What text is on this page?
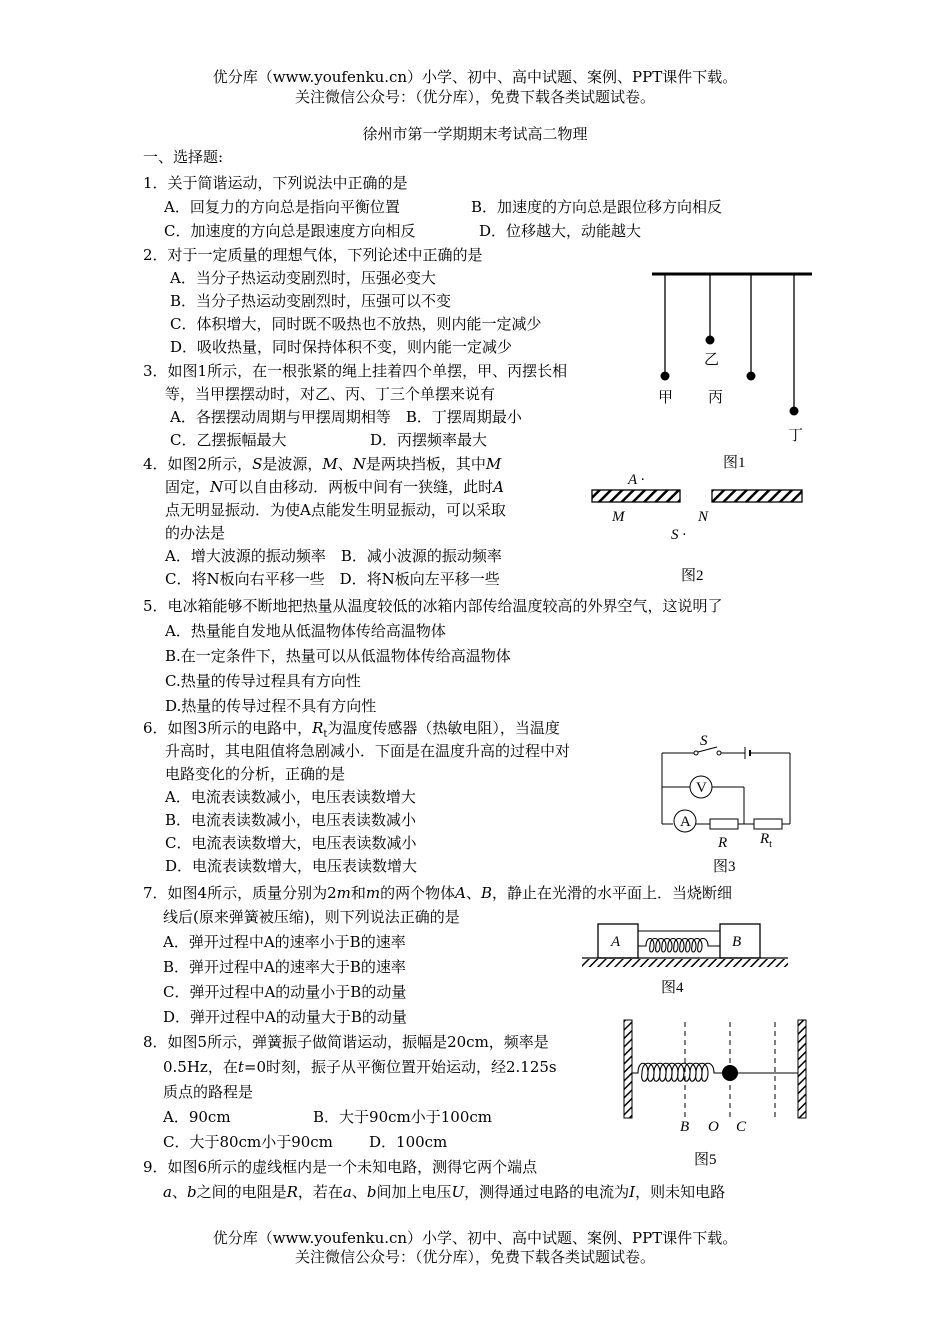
优分库（www.youfenku.cn）小学、初中、高中试题、案例、PPT课件下载。
关注微信公众号：（优分库），免费下载各类试题试卷。
徐州市第一学期期末考试高二物理
一、选择题:
1．关于简谐运动，下列说法中正确的是
A．回复力的方向总是指向平衡位置	B．加速度的方向总是跟位移方向相反
C．加速度的方向总是跟速度方向相反	D．位移越大，动能越大
2．对于一定质量的理想气体，下列论述中正确的是
A．当分子热运动变剧烈时，压强必变大
B．当分子热运动变剧烈时，压强可以不变
C．体积增大，同时既不吸热也不放热，则内能一定减少
D．吸收热量，同时保持体积不变，则内能一定减少
3．如图1所示，在一根张紧的绳上挂着四个单摆，甲、丙摆长相
等，当甲摆摆动时，对乙、丙、丁三个单摆来说有
A．各摆摆动周期与甲摆周期相等　B．丁摆周期最小
C．乙摆振幅最大	D．丙摆频率最大
4．如图2所示，S是波源，M、N是两块挡板，其中M
固定，N可以自由移动．两板中间有一狭缝，此时A
点无明显振动．为使A点能发生明显振动，可以采取
的办法是
A．增大波源的振动频率　B．减小波源的振动频率
C．将N板向右平移一些　D．将N板向左平移一些
5．电冰箱能够不断地把热量从温度较低的冰箱内部传给温度较高的外界空气，这说明了
A．热量能自发地从低温物体传给高温物体
B.在一定条件下，热量可以从低温物体传给高温物体
C.热量的传导过程具有方向性
D.热量的传导过程不具有方向性
6．如图3所示的电路中，$R_t$为温度传感器（热敏电阻），当温度
升高时，其电阻值将急剧减小．下面是在温度升高的过程中对
电路变化的分析，正确的是
A．电流表读数减小，电压表读数增大
B．电流表读数减小，电压表读数减小
C．电流表读数增大，电压表读数减小
D．电流表读数增大，电压表读数增大
7．如图4所示，质量分别为2m和m的两个物体A、B，静止在光滑的水平面上．当烧断细
线后(原来弹簧被压缩)，则下列说法正确的是
A．弹开过程中A的速率小于B的速率
B．弹开过程中A的速率大于B的速率
C．弹开过程中A的动量小于B的动量
D．弹开过程中A的动量大于B的动量
8．如图5所示，弹簧振子做简谐运动，振幅是20cm，频率是
0.5Hz，在t=0时刻，振子从平衡位置开始运动，经2.125s
质点的路程是
A．90cm	B．大于90cm小于100cm
C．大于80cm小于90cm D．100cm
9．如图6所示的虚线框内是一个未知电路，测得它两个端点
a、b之间的电阻是R，若在a、b间加上电压U，测得通过电路的电流为I，则未知电路
优分库（www.youfenku.cn）小学、初中、高中试题、案例、PPT课件下载。
关注微信公众号：（优分库），免费下载各类试题试卷。
甲
乙
丙
丁
图1
A ·
M	N
S ·
图2
S
V
A
R $R_t$
图3
A	B
图4
B O C
图5
